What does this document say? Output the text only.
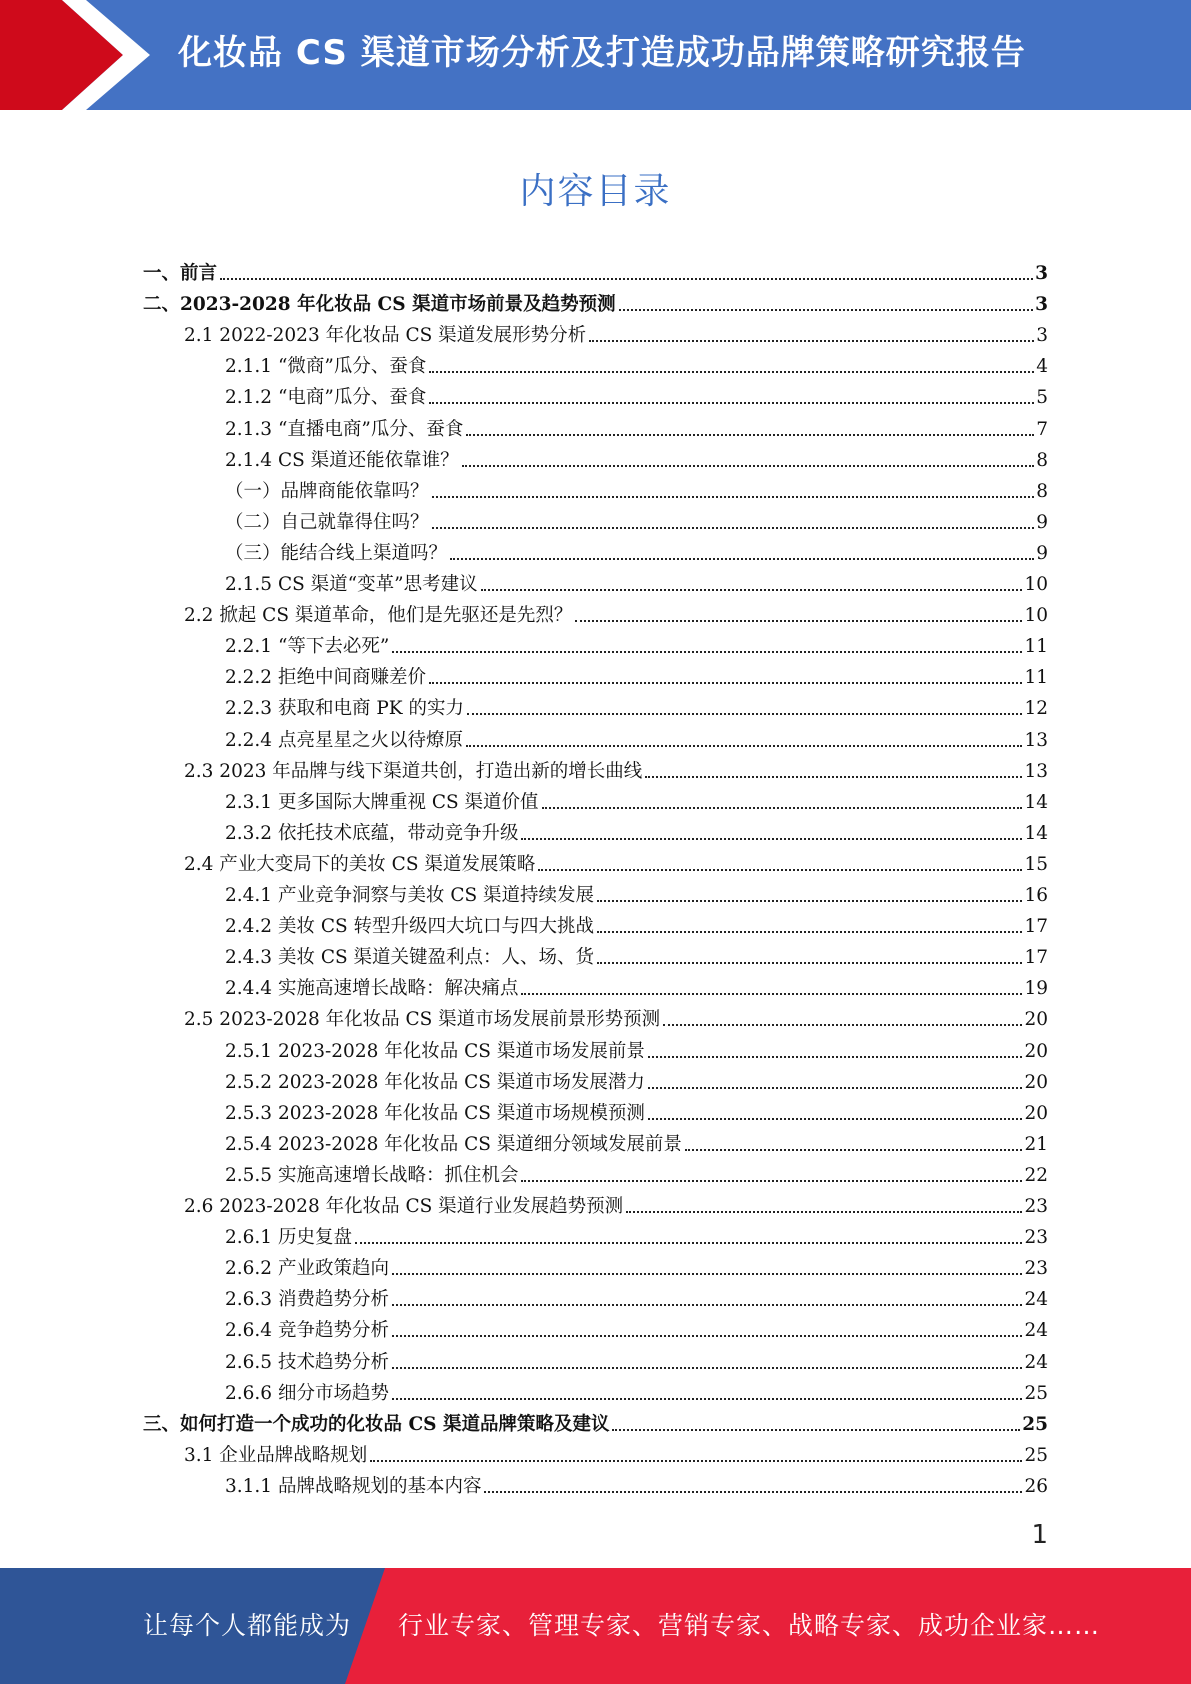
化妆品 CS 渠道市场分析及打造成功品牌策略研究报告
内容目录
一、前言	3
二、2023-2028 年化妆品 CS 渠道市场前景及趋势预测	3
2.1 2022-2023 年化妆品 CS 渠道发展形势分析	3
2.1.1 “微商”瓜分、蚕食	4
2.1.2 “电商”瓜分、蚕食	5
2.1.3 “直播电商”瓜分、蚕食	7
2.1.4 CS 渠道还能依靠谁？	8
（一）品牌商能依靠吗？	8
（二）自己就靠得住吗？	9
（三）能结合线上渠道吗？	9
2.1.5 CS 渠道“变革”思考建议	10
2.2 掀起 CS 渠道革命，他们是先驱还是先烈？	10
2.2.1 “等下去必死”	11
2.2.2 拒绝中间商赚差价	11
2.2.3 获取和电商 PK 的实力	12
2.2.4 点亮星星之火以待燎原	13
2.3 2023 年品牌与线下渠道共创，打造出新的增长曲线	13
2.3.1 更多国际大牌重视 CS 渠道价值	14
2.3.2 依托技术底蕴，带动竞争升级	14
2.4 产业大变局下的美妆 CS 渠道发展策略	15
2.4.1 产业竞争洞察与美妆 CS 渠道持续发展	16
2.4.2 美妆 CS 转型升级四大坑口与四大挑战	17
2.4.3 美妆 CS 渠道关键盈利点：人、场、货	17
2.4.4 实施高速增长战略：解决痛点	19
2.5 2023-2028 年化妆品 CS 渠道市场发展前景形势预测	20
2.5.1 2023-2028 年化妆品 CS 渠道市场发展前景	20
2.5.2 2023-2028 年化妆品 CS 渠道市场发展潜力	20
2.5.3 2023-2028 年化妆品 CS 渠道市场规模预测	20
2.5.4 2023-2028 年化妆品 CS 渠道细分领域发展前景	21
2.5.5 实施高速增长战略：抓住机会	22
2.6 2023-2028 年化妆品 CS 渠道行业发展趋势预测	23
2.6.1 历史复盘	23
2.6.2 产业政策趋向	23
2.6.3 消费趋势分析	24
2.6.4 竞争趋势分析	24
2.6.5 技术趋势分析	24
2.6.6 细分市场趋势	25
三、如何打造一个成功的化妆品 CS 渠道品牌策略及建议	25
3.1 企业品牌战略规划	25
3.1.1 品牌战略规划的基本内容	26
1
让每个人都能成为 行业专家、管理专家、营销专家、战略专家、成功企业家……
